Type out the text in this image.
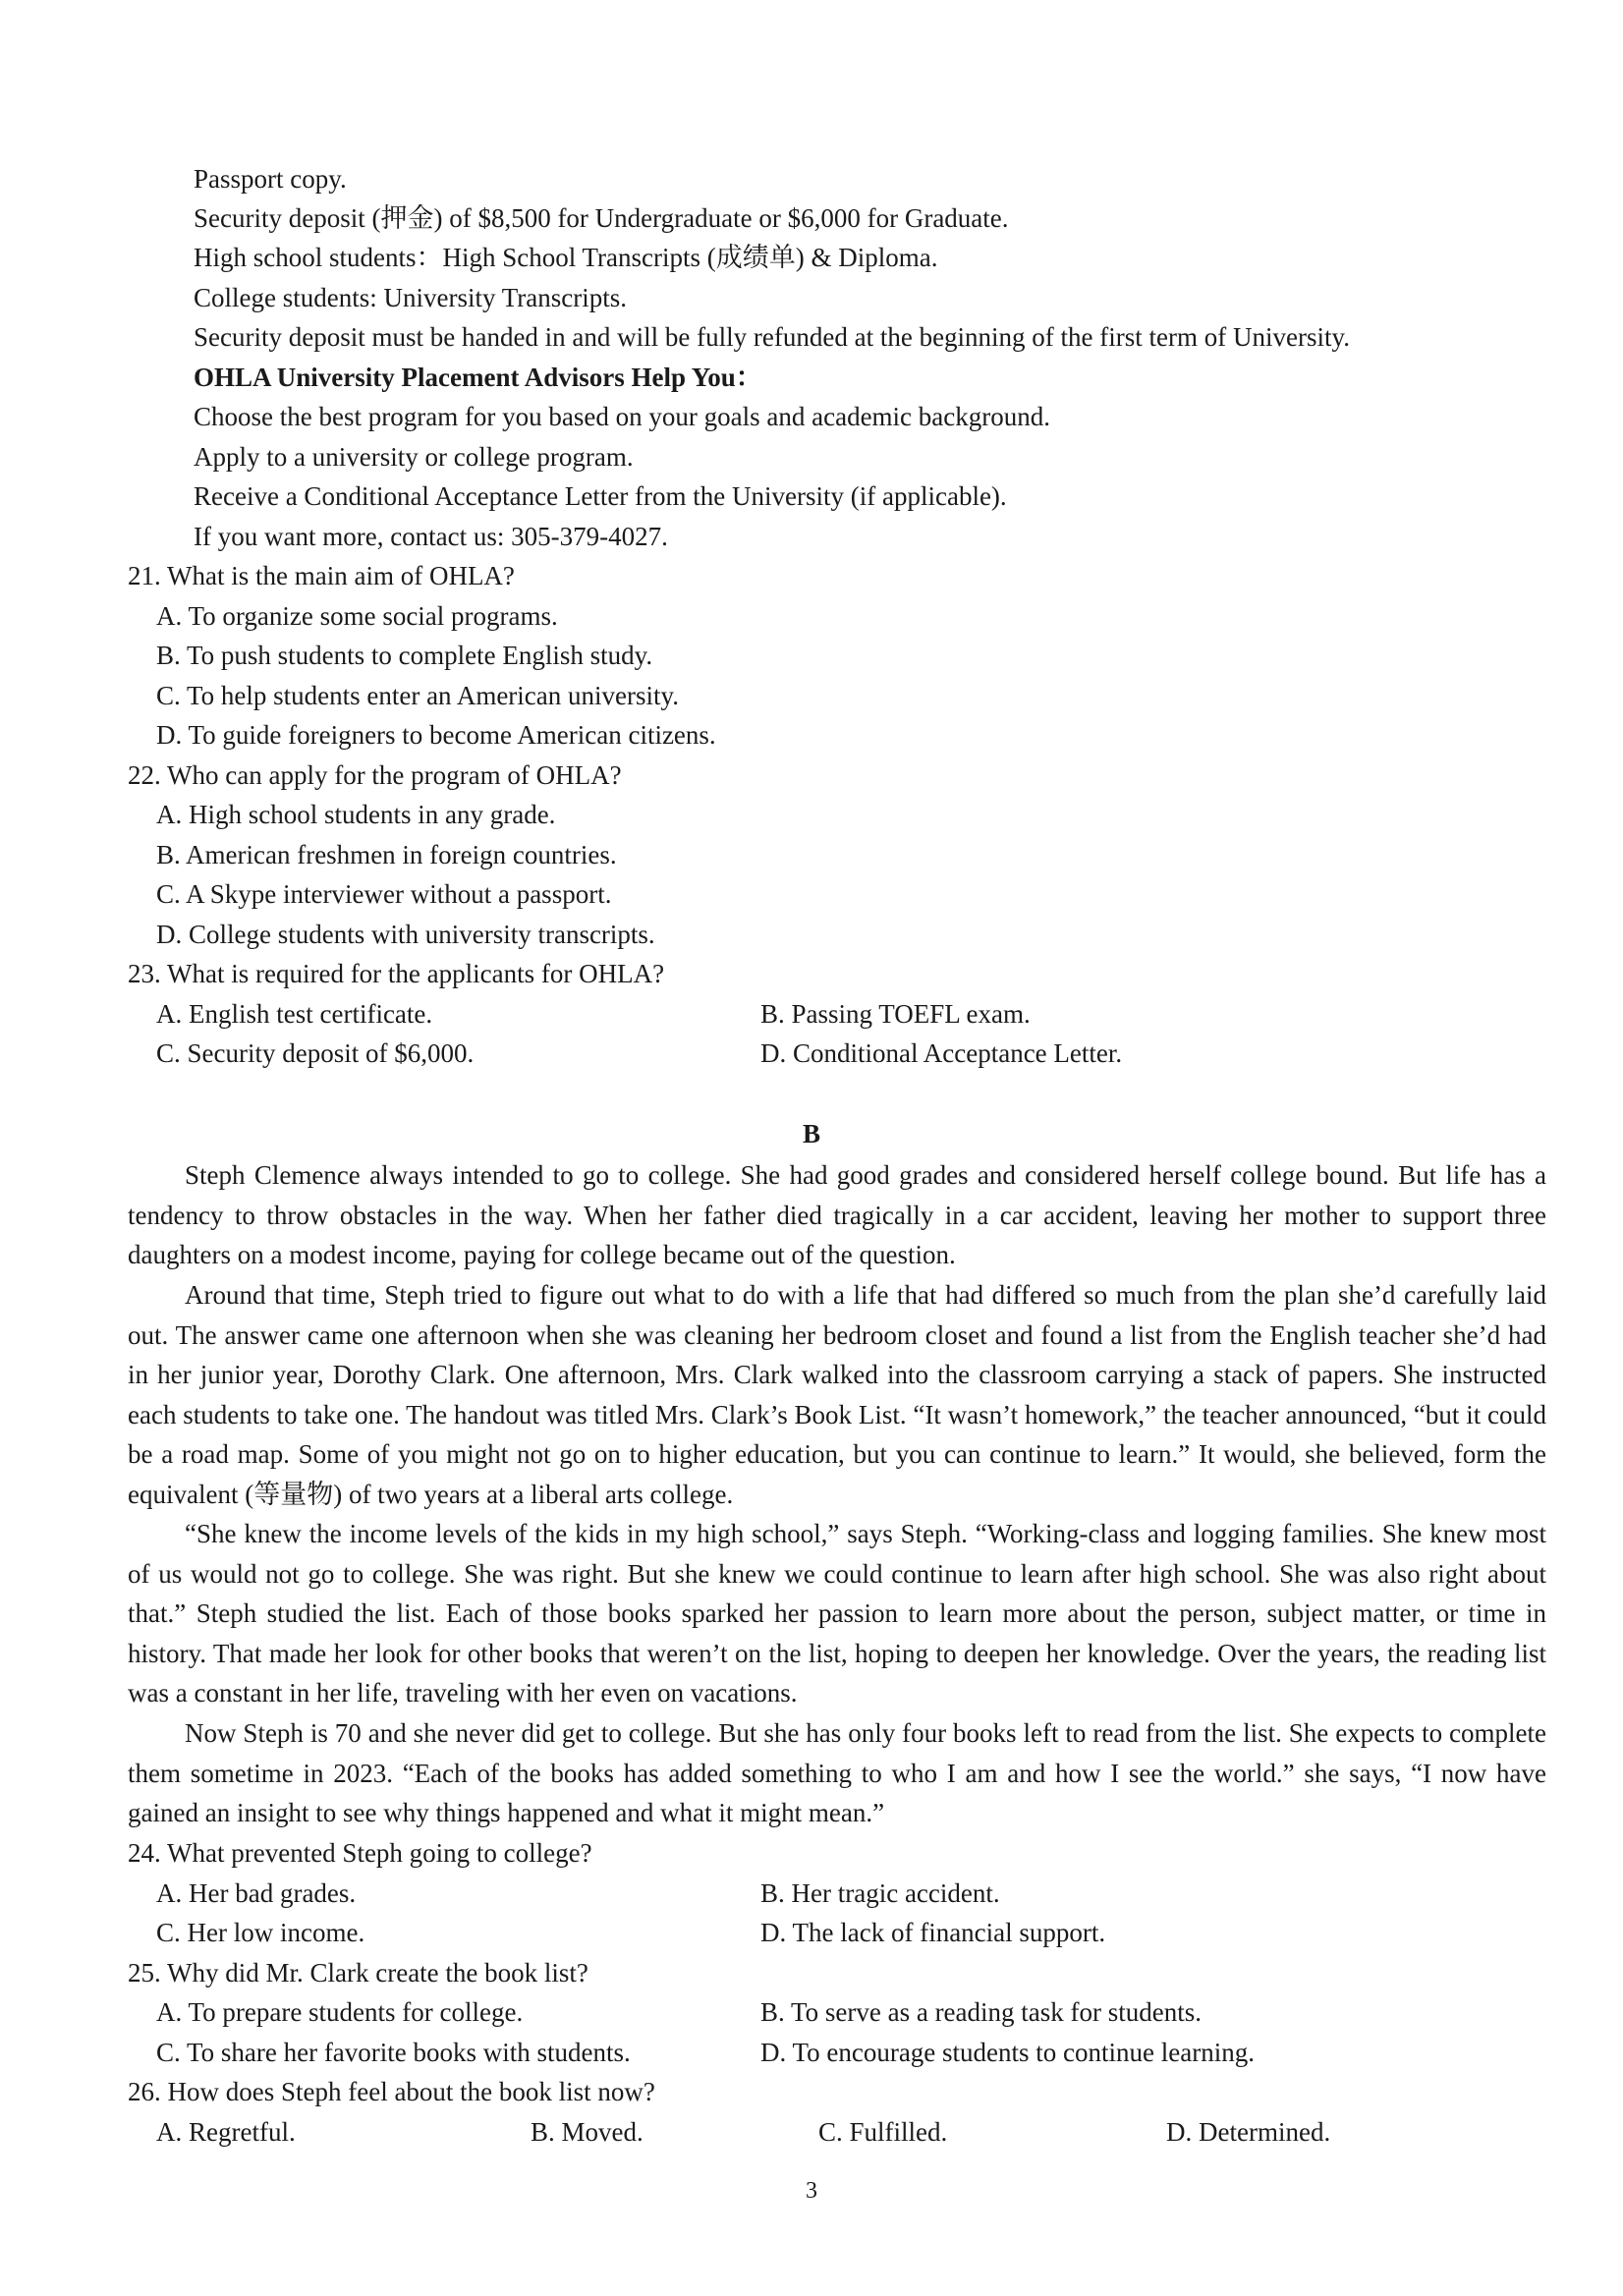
Passport copy.
Security deposit (押金) of $8,500 for Undergraduate or $6,000 for Graduate.
High school students：High School Transcripts (成绩单) & Diploma.
College students: University Transcripts.
Security deposit must be handed in and will be fully refunded at the beginning of the first term of University.
OHLA University Placement Advisors Help You：
Choose the best program for you based on your goals and academic background.
Apply to a university or college program.
Receive a Conditional Acceptance Letter from the University (if applicable).
If you want more, contact us: 305-379-4027.
21. What is the main aim of OHLA?
A. To organize some social programs.
B. To push students to complete English study.
C. To help students enter an American university.
D. To guide foreigners to become American citizens.
22. Who can apply for the program of OHLA?
A. High school students in any grade.
B. American freshmen in foreign countries.
C. A Skype interviewer without a passport.
D. College students with university transcripts.
23. What is required for the applicants for OHLA?
A. English test certificate.	B. Passing TOEFL exam.
C. Security deposit of $6,000.	D. Conditional Acceptance Letter.
B
Steph Clemence always intended to go to college. She had good grades and considered herself college bound. But life has a tendency to throw obstacles in the way. When her father died tragically in a car accident, leaving her mother to support three daughters on a modest income, paying for college became out of the question.
Around that time, Steph tried to figure out what to do with a life that had differed so much from the plan she’d carefully laid out. The answer came one afternoon when she was cleaning her bedroom closet and found a list from the English teacher she’d had in her junior year, Dorothy Clark. One afternoon, Mrs. Clark walked into the classroom carrying a stack of papers. She instructed each students to take one. The handout was titled Mrs. Clark’s Book List. “It wasn’t homework,” the teacher announced, “but it could be a road map. Some of you might not go on to higher education, but you can continue to learn.” It would, she believed, form the equivalent (等量物) of two years at a liberal arts college.
“She knew the income levels of the kids in my high school,” says Steph. “Working-class and logging families. She knew most of us would not go to college. She was right. But she knew we could continue to learn after high school. She was also right about that.” Steph studied the list. Each of those books sparked her passion to learn more about the person, subject matter, or time in history. That made her look for other books that weren’t on the list, hoping to deepen her knowledge. Over the years, the reading list was a constant in her life, traveling with her even on vacations.
Now Steph is 70 and she never did get to college. But she has only four books left to read from the list. She expects to complete them sometime in 2023. “Each of the books has added something to who I am and how I see the world.” she says, “I now have gained an insight to see why things happened and what it might mean.”
24. What prevented Steph going to college?
A. Her bad grades.	B. Her tragic accident.
C. Her low income.	D. The lack of financial support.
25. Why did Mr. Clark create the book list?
A. To prepare students for college.	B. To serve as a reading task for students.
C. To share her favorite books with students.	D. To encourage students to continue learning.
26. How does Steph feel about the book list now?
A. Regretful.	B. Moved.	C. Fulfilled.	D. Determined.
3
